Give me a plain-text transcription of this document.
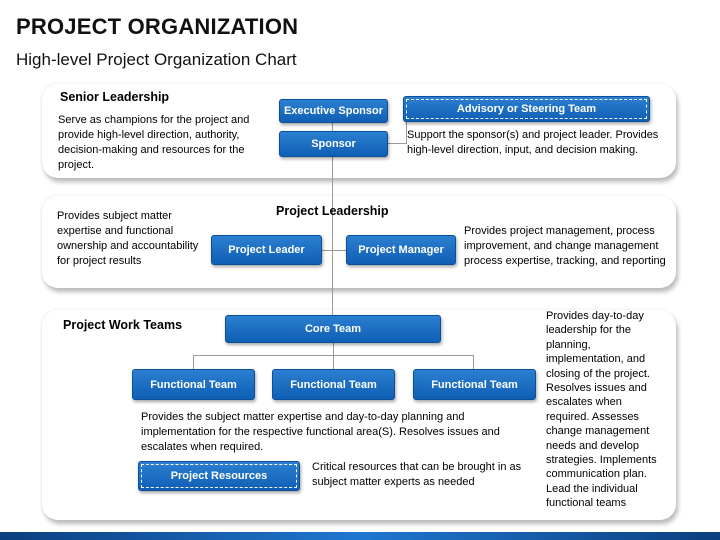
PROJECT ORGANIZATION
High-level Project Organization Chart
Senior Leadership
Serve as champions for the project and provide high-level direction, authority, decision-making and resources for the project.
Executive Sponsor
Sponsor
Advisory or Steering Team
Support the sponsor(s) and project leader. Provides high-level direction, input, and decision making.
Project Leadership
Provides subject matter expertise and functional ownership and accountability for project results
Project Leader	Project Manager
Provides project management, process improvement, and change management process expertise, tracking, and reporting
Project Work Teams	Core Team
Functional Team	Functional Team	Functional Team
Provides the subject matter expertise and day-to-day planning and implementation for the respective functional area(S). Resolves issues and escalates when required.
Project Resources
Critical resources that can be brought in as subject matter experts as needed
Provides day-to-day leadership for the planning, implementation, and closing of the project. Resolves issues and escalates when required. Assesses change management needs and develop strategies. Implements communication plan. Lead the individual functional teams
